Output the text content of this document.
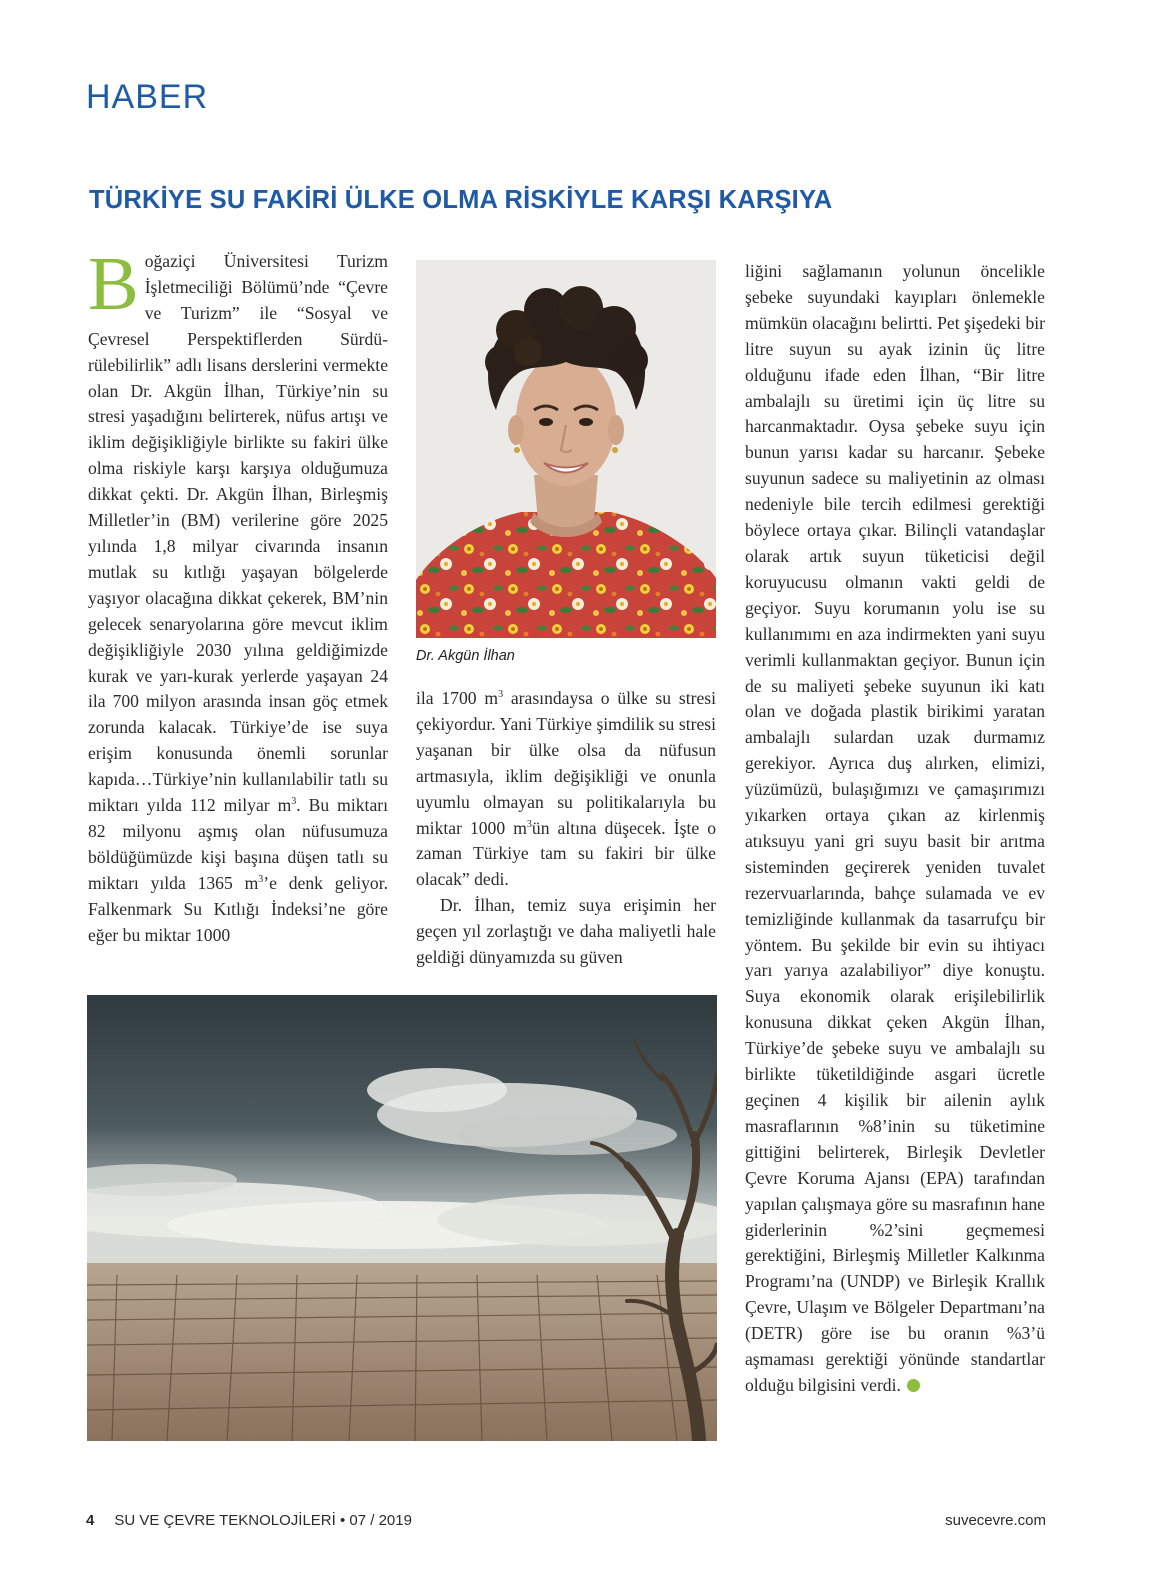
HABER
TÜRKİYE SU FAKİRİ ÜLKE OLMA RİSKİYLE KARŞI KARŞIYA

Boğaziçi Üniversitesi Turizm İşletmeciliği Bölümü’nde “Çevre ve Turizm” ile “Sosyal ve Çevresel Perspektiflerden Sürdürülebilirlik” adlı lisans derslerini vermekte olan Dr. Akgün İlhan, Türkiye’nin su stresi yaşadığını belirterek, nüfus artışı ve iklim değişikliğiyle birlikte su fakiri ülke olma riskiyle karşı karşıya olduğumuza dikkat çekti. Dr. Akgün İlhan, Birleşmiş Milletler’in (BM) verilerine göre 2025 yılında 1,8 milyar civarında insanın mutlak su kıtlığı yaşayan bölgelerde yaşıyor olacağına dikkat çekerek, BM’nin gelecek senaryolarına göre mevcut iklim değişikliğiyle 2030 yılına geldiğimizde kurak ve yarı-kurak yerlerde yaşayan 24 ila 700 milyon arasında insan göç etmek zorunda kalacak. Türkiye’de ise suya erişim konusunda önemli sorunlar kapıda…Türkiye’nin kullanılabilir tatlı su miktarı yılda 112 milyar $m^3$. Bu miktarı 82 milyonu aşmış olan nüfusumuza böldüğümüzde kişi başına düşen tatlı su miktarı yılda 1365 $m^3’e$ denk geliyor. Falkenmark Su Kıtlığı İndeksi’ne göre eğer bu miktar 1000

Dr. Akgün İlhan

ila 1700 $m^3$ arasındaysa o ülke su stresi çekiyordur. Yani Türkiye şimdilik su stresi yaşanan bir ülke olsa da nüfusun artmasıyla, iklim değişikliği ve onunla uyumlu olmayan su politikalarıyla bu miktar 1000 $m^3ün$ altına düşecek. İşte o zaman Türkiye tam su fakiri bir ülke olacak” dedi.

Dr. İlhan, temiz suya erişimin her geçen yıl zorlaştığı ve daha maliyetli hale geldiği dünyamızda su güven

liğini sağlamanın yolunun öncelikle şebeke suyundaki kayıpları önlemekle mümkün olacağını belirtti. Pet şişedeki bir litre suyun su ayak izinin üç litre olduğunu ifade eden İlhan, “Bir litre ambalajlı su üretimi için üç litre su harcanmaktadır. Oysa şebeke suyu için bunun yarısı kadar su harcanır. Şebeke suyunun sadece su maliyetinin az olması nedeniyle bile tercih edilmesi gerektiği böylece ortaya çıkar. Bilinçli vatandaşlar olarak artık suyun tüketicisi değil koruyucusu olmanın vakti geldi de geçiyor. Suyu korumanın yolu ise su kullanımımı en aza indirmekten yani suyu verimli kullanmaktan geçiyor. Bunun için de su maliyeti şebeke suyunun iki katı olan ve doğada plastik birikimi yaratan ambalajlı sulardan uzak durmamız gerekiyor. Ayrıca duş alırken, elimizi, yüzümüzü, bulaşığımızı ve çamaşırımızı yıkarken ortaya çıkan az kirlenmiş atıksuyu yani gri suyu basit bir arıtma sisteminden geçirerek yeniden tuvalet rezervuarlarında, bahçe sulamada ve ev temizliğinde kullanmak da tasarrufçu bir yöntem. Bu şekilde bir evin su ihtiyacı yarı yarıya azalabiliyor” diye konuştu. Suya ekonomik olarak erişilebilirlik konusuna dikkat çeken Akgün İlhan, Türkiye’de şebeke suyu ve ambalajlı su birlikte tüketildiğinde asgari ücretle geçinen 4 kişilik bir ailenin aylık masraflarının %8’inin su tüketimine gittiğini belirterek, Birleşik Devletler Çevre Koruma Ajansı (EPA) tarafından yapılan çalışmaya göre su masrafının hane giderlerinin %2’sini geçmemesi gerektiğini, Birleşmiş Milletler Kalkınma Programı’na (UNDP) ve Birleşik Krallık Çevre, Ulaşım ve Bölgeler Departmanı’na (DETR) göre ise bu oranın %3’ü aşmaması gerektiği yönünde standartlar olduğu bilgisini verdi.

4 SU VE ÇEVRE TEKNOLOJİLERİ • 07 / 2019	suvecevre.com
